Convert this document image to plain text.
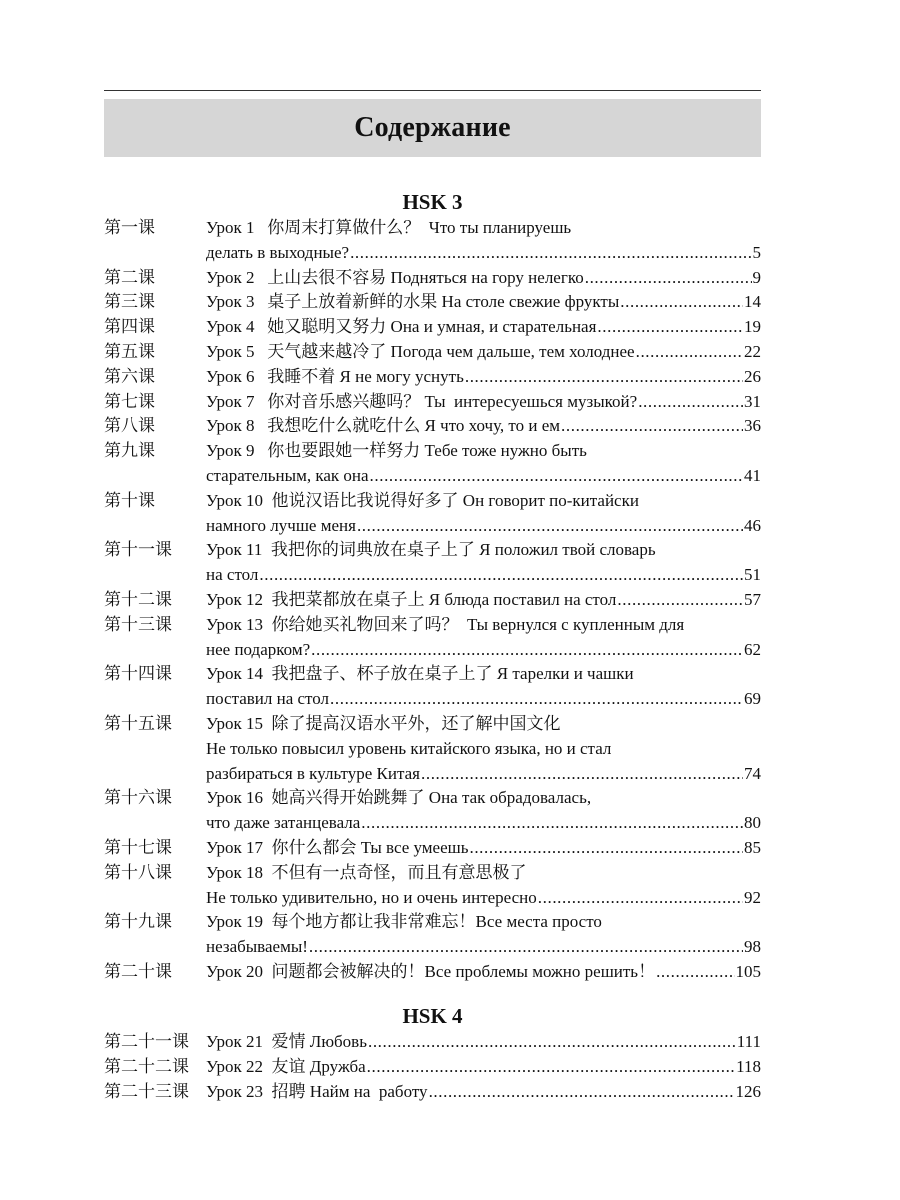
Содержание
HSK 3
第一课	Урок 1   你周末打算做什么？  Что ты планируешь
делать в выходные? .....	5
第二课	Урок 2   上山去很不容易 Подняться на гору нелегко .....	9
第三课	Урок 3   桌子上放着新鲜的水果 На столе свежие фрукты .....	14
第四课	Урок 4   她又聪明又努力 Она и умная, и старательная .....	19
第五课	Урок 5   天气越来越冷了 Погода чем дальше, тем холоднее .....	22
第六课	Урок 6   我睡不着 Я не могу уснуть .....	26
第七课	Урок 7   你对音乐感兴趣吗？ Ты  интересуешься музыкой? .....	31
第八课	Урок 8   我想吃什么就吃什么 Я что хочу, то и ем .....	36
第九课	Урок 9   你也要跟她一样努力 Тебе тоже нужно быть
старательным, как она .....	41
第十课	Урок 10  他说汉语比我说得好多了 Он говорит по-китайски
намного лучше меня .....	46
第十一课	Урок 11  我把你的词典放在桌子上了 Я положил твой словарь
на стол .....	51
第十二课	Урок 12  我把菜都放在桌子上 Я блюда поставил на стол .....	57
第十三课	Урок 13  你给她买礼物回来了吗？  Ты вернулся с купленным для
нее подарком? .....	62
第十四课	Урок 14  我把盘子、杯子放在桌子上了 Я тарелки и чашки
поставил на стол .....	69
第十五课	Урок 15  除了提高汉语水平外，还了解中国文化
Не только повысил уровень китайского языка, но и стал
разбираться в культуре Китая .....	74
第十六课	Урок 16  她高兴得开始跳舞了 Она так обрадовалась,
что даже затанцевала .....	80
第十七课	Урок 17  你什么都会 Ты все умеешь .....	85
第十八课	Урок 18  不但有一点奇怪，而且有意思极了
Не только удивительно, но и очень интересно .....	92
第十九课	Урок 19  每个地方都让我非常难忘！Все места просто
незабываемы! .....	98
第二十课	Урок 20  问题都会被解决的！Все проблемы можно решить！ .....	105
HSK 4
第二十一课	Урок 21  爱情 Любовь .....	111
第二十二课	Урок 22  友谊 Дружба .....	118
第二十三课	Урок 23  招聘 Найм на  работу .....	126
